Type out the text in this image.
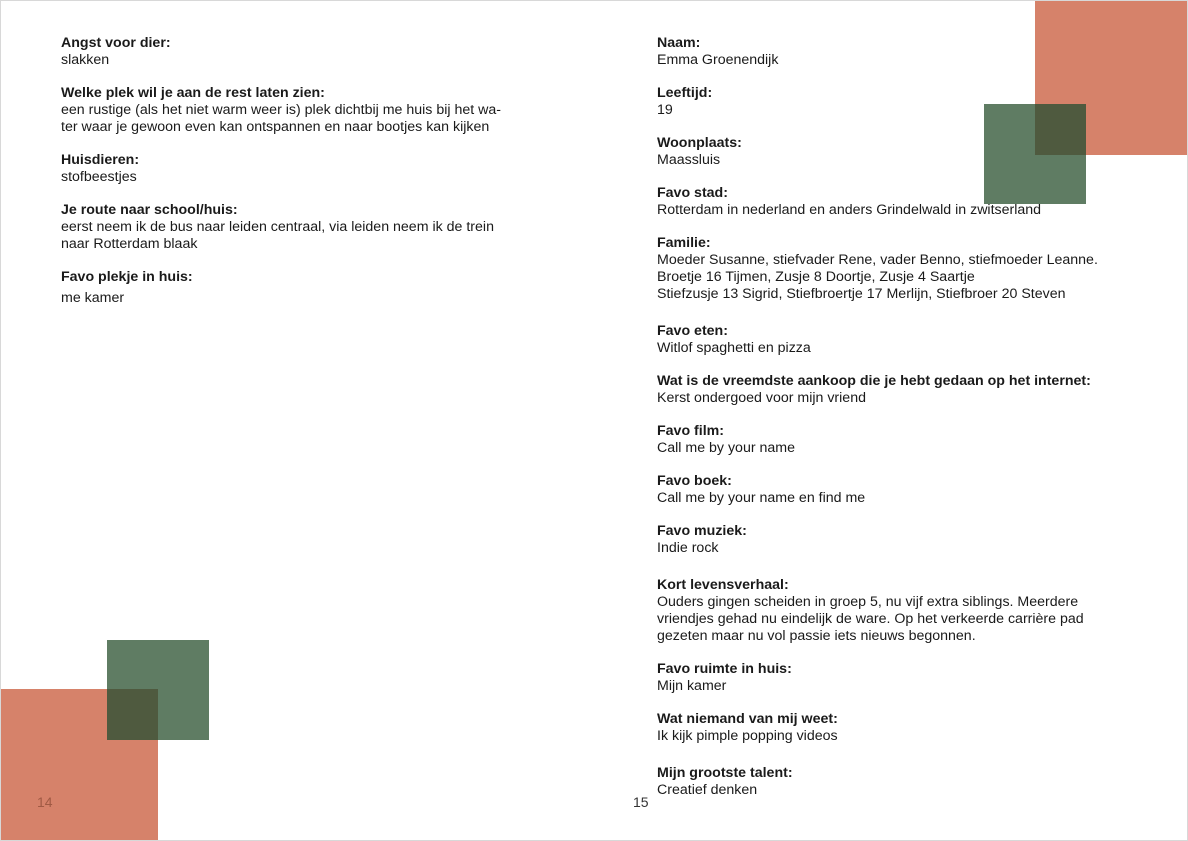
Angst voor dier:
slakken
Welke plek wil je aan de rest laten zien:
een rustige (als het niet warm weer is) plek dichtbij me huis bij het wa-
ter waar je gewoon even kan ontspannen en naar bootjes kan kijken
Huisdieren:
stofbeestjes
Je route naar school/huis:
eerst neem ik de bus naar leiden centraal, via leiden neem ik de trein
naar Rotterdam blaak
Favo plekje in huis:
me kamer
Naam:
Emma Groenendijk
Leeftijd:
19
Woonplaats:
Maassluis
Favo stad:
Rotterdam in nederland en anders Grindelwald in zwitserland
Familie:
Moeder Susanne, stiefvader Rene, vader Benno, stiefmoeder Leanne.
Broetje 16 Tijmen, Zusje 8 Doortje, Zusje 4 Saartje
Stiefzusje 13 Sigrid, Stiefbroertje 17 Merlijn, Stiefbroer 20 Steven
Favo eten:
Witlof spaghetti en pizza
Wat is de vreemdste aankoop die je hebt gedaan op het internet:
Kerst ondergoed voor mijn vriend
Favo film:
Call me by your name
Favo boek:
Call me by your name en find me
Favo muziek:
Indie rock
Kort levensverhaal:
Ouders gingen scheiden in groep 5, nu vijf extra siblings. Meerdere
vriendjes gehad nu eindelijk de ware. Op het verkeerde carrière pad
gezeten maar nu vol passie iets nieuws begonnen.
Favo ruimte in huis:
Mijn kamer
Wat niemand van mij weet:
Ik kijk pimple popping videos
Mijn grootste talent:
Creatief denken
14	15
